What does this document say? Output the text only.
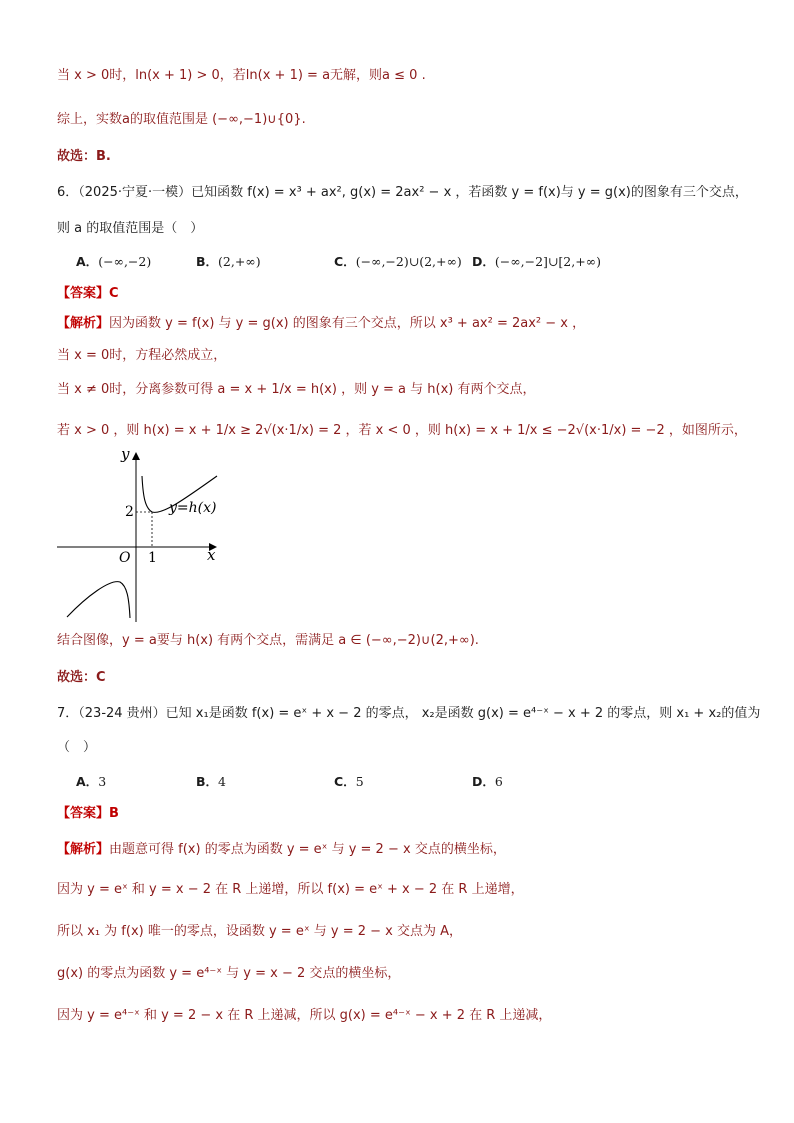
当 x > 0时，ln(x + 1) > 0，若ln(x + 1) = a无解，则a ≤ 0 .
综上，实数a的取值范围是 (−∞,−1)∪{0}.
故选：B.
6．（2025·宁夏·一模）已知函数 f(x) = x³ + ax², g(x) = 2ax² − x ，若函数 y = f(x)与 y = g(x)的图象有三个交点，
则 a 的取值范围是（　）
A．(−∞,−2)	B．(2,+∞)	C．(−∞,−2)∪(2,+∞) D．(−∞,−2]∪[2,+∞)
【答案】C
【解析】因为函数 y = f(x) 与 y = g(x) 的图象有三个交点，所以 x³ + ax² = 2ax² − x ，
当 x = 0时，方程必然成立，
当 x ≠ 0时，分离参数可得 a = x + 1/x = h(x) ，则 y = a 与 h(x) 有两个交点，
若 x > 0 ，则 h(x) = x + 1/x ≥ 2√(x·1/x) = 2 ，若 x < 0 ，则 h(x) = x + 1/x ≤ −2√(x·1/x) = −2 ，如图所示，
y
x
O 1
2	y=h(x)
结合图像，y = a要与 h(x) 有两个交点，需满足 a ∈ (−∞,−2)∪(2,+∞).
故选：C
7．（23-24 贵州）已知 x₁是函数 f(x) = eˣ + x − 2 的零点， x₂是函数 g(x) = e⁴⁻ˣ − x + 2 的零点，则 x₁ + x₂的值为
（　）
A．3	B．4	C．5	D．6
【答案】B
【解析】由题意可得 f(x) 的零点为函数 y = eˣ 与 y = 2 − x 交点的横坐标，
因为 y = eˣ 和 y = x − 2 在 R 上递增，所以 f(x) = eˣ + x − 2 在 R 上递增，
所以 x₁ 为 f(x) 唯一的零点，设函数 y = eˣ 与 y = 2 − x 交点为 A，
g(x) 的零点为函数 y = e⁴⁻ˣ 与 y = x − 2 交点的横坐标，
因为 y = e⁴⁻ˣ 和 y = 2 − x 在 R 上递减，所以 g(x) = e⁴⁻ˣ − x + 2 在 R 上递减，
